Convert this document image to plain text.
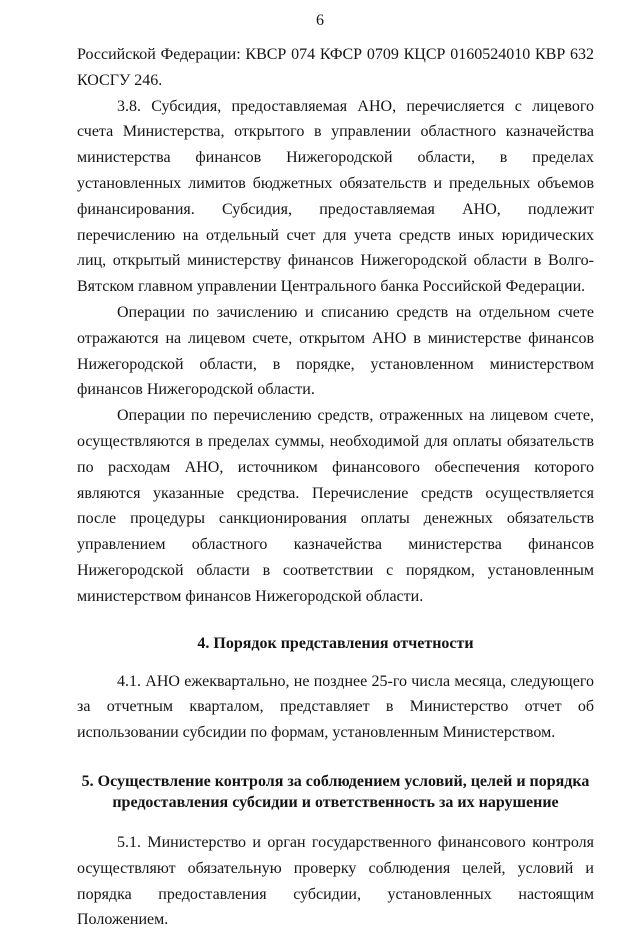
6

Российской Федерации: КВСР 074 КФСР 0709 КЦСР 0160524010 КВР 632 КОСГУ 246.

3.8. Субсидия, предоставляемая АНО, перечисляется с лицевого счета Министерства, открытого в управлении областного казначейства министерства финансов Нижегородской области, в пределах установленных лимитов бюджетных обязательств и предельных объемов финансирования. Субсидия, предоставляемая АНО, подлежит перечислению на отдельный счет для учета средств иных юридических лиц, открытый министерству финансов Нижегородской области в Волго-Вятском главном управлении Центрального банка Российской Федерации.

Операции по зачислению и списанию средств на отдельном счете отражаются на лицевом счете, открытом АНО в министерстве финансов Нижегородской области, в порядке, установленном министерством финансов Нижегородской области.

Операции по перечислению средств, отраженных на лицевом счете, осуществляются в пределах суммы, необходимой для оплаты обязательств по расходам АНО, источником финансового обеспечения которого являются указанные средства. Перечисление средств осуществляется после процедуры санкционирования оплаты денежных обязательств управлением областного казначейства министерства финансов Нижегородской области в соответствии с порядком, установленным министерством финансов Нижегородской области.

4. Порядок представления отчетности

4.1. АНО ежеквартально, не позднее 25-го числа месяца, следующего за отчетным кварталом, представляет в Министерство отчет об использовании субсидии по формам, установленным Министерством.

5. Осуществление контроля за соблюдением условий, целей и порядка
предоставления субсидии и ответственность за их нарушение

5.1. Министерство и орган государственного финансового контроля осуществляют обязательную проверку соблюдения целей, условий и порядка предоставления субсидии, установленных настоящим Положением.
